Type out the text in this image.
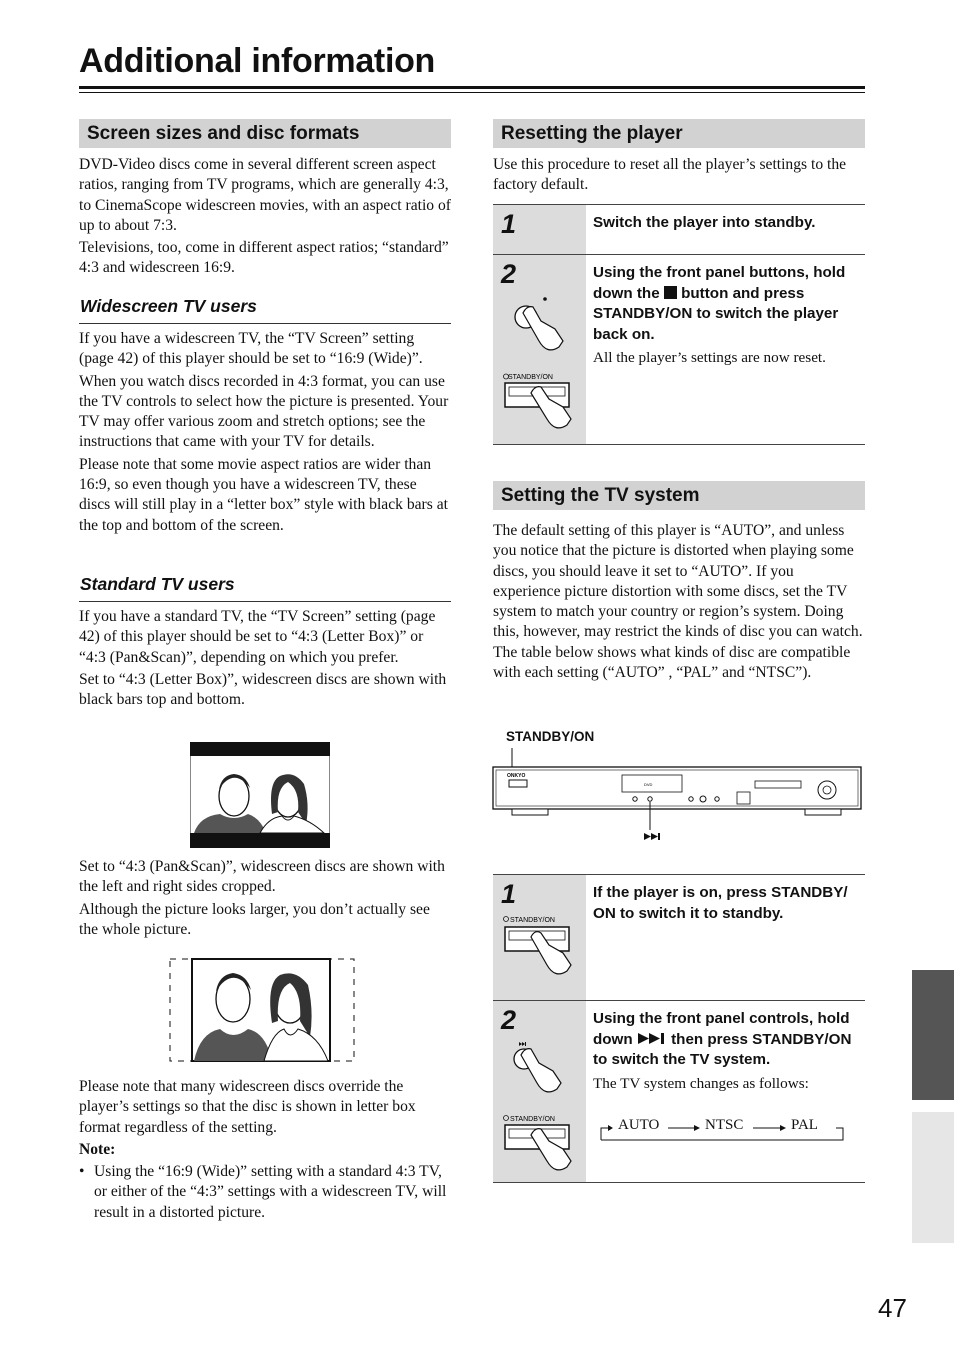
Additional information
Screen sizes and disc formats

DVD-Video discs come in several different screen aspect ratios, ranging from TV programs, which are generally 4:3, to CinemaScope widescreen movies, with an aspect ratio of up to about 7:3.

Televisions, too, come in different aspect ratios; “standard” 4:3 and widescreen 16:9.

Widescreen TV users

If you have a widescreen TV, the “TV Screen” setting (page 42) of this player should be set to “16:9 (Wide)”.

When you watch discs recorded in 4:3 format, you can use the TV controls to select how the picture is presented. Your TV may offer various zoom and stretch options; see the instructions that came with your TV for details.

Please note that some movie aspect ratios are wider than 16:9, so even though you have a widescreen TV, these discs will still play in a “letter box” style with black bars at the top and bottom of the screen.

Standard TV users

If you have a standard TV, the “TV Screen” setting (page 42) of this player should be set to “4:3 (Letter Box)” or “4:3 (Pan&Scan)”, depending on which you prefer.

Set to “4:3 (Letter Box)”, widescreen discs are shown with black bars top and bottom.

Set to “4:3 (Pan&Scan)”, widescreen discs are shown with the left and right sides cropped.

Although the picture looks larger, you don’t actually see the whole picture.

Please note that many widescreen discs override the player’s settings so that the disc is shown in letter box format regardless of the setting.

Note:

• Using the “16:9 (Wide)” setting with a standard 4:3 TV, or either of the “4:3” settings with a widescreen TV, will result in a distorted picture.
Resetting the player
Use this procedure to reset all the player’s settings to the factory default.
1	Switch the player into standby.
2
STANDBY/ON
Using the front panel buttons, hold down the button and press STANDBY/ON to switch the player back on.
All the player’s settings are now reset.
Setting the TV system
The default setting of this player is “AUTO”, and unless you notice that the picture is distorted when playing some discs, you should leave it set to “AUTO”. If you experience picture distortion with some discs, set the TV system to match your country or region’s system. Doing this, however, may restrict the kinds of disc you can watch. The table below shows what kinds of disc are compatible with each setting (“AUTO” , “PAL” and “NTSC”).
STANDBY/ON
ONKYO
DVD
1
STANDBY/ON
If the player is on, press STANDBY/ ON to switch it to standby.
2
STANDBY/ON
Using the front panel controls, hold down	then press STANDBY/ON to switch the TV system.
The TV system changes as follows:
AUTO	NTSC	PAL
47
